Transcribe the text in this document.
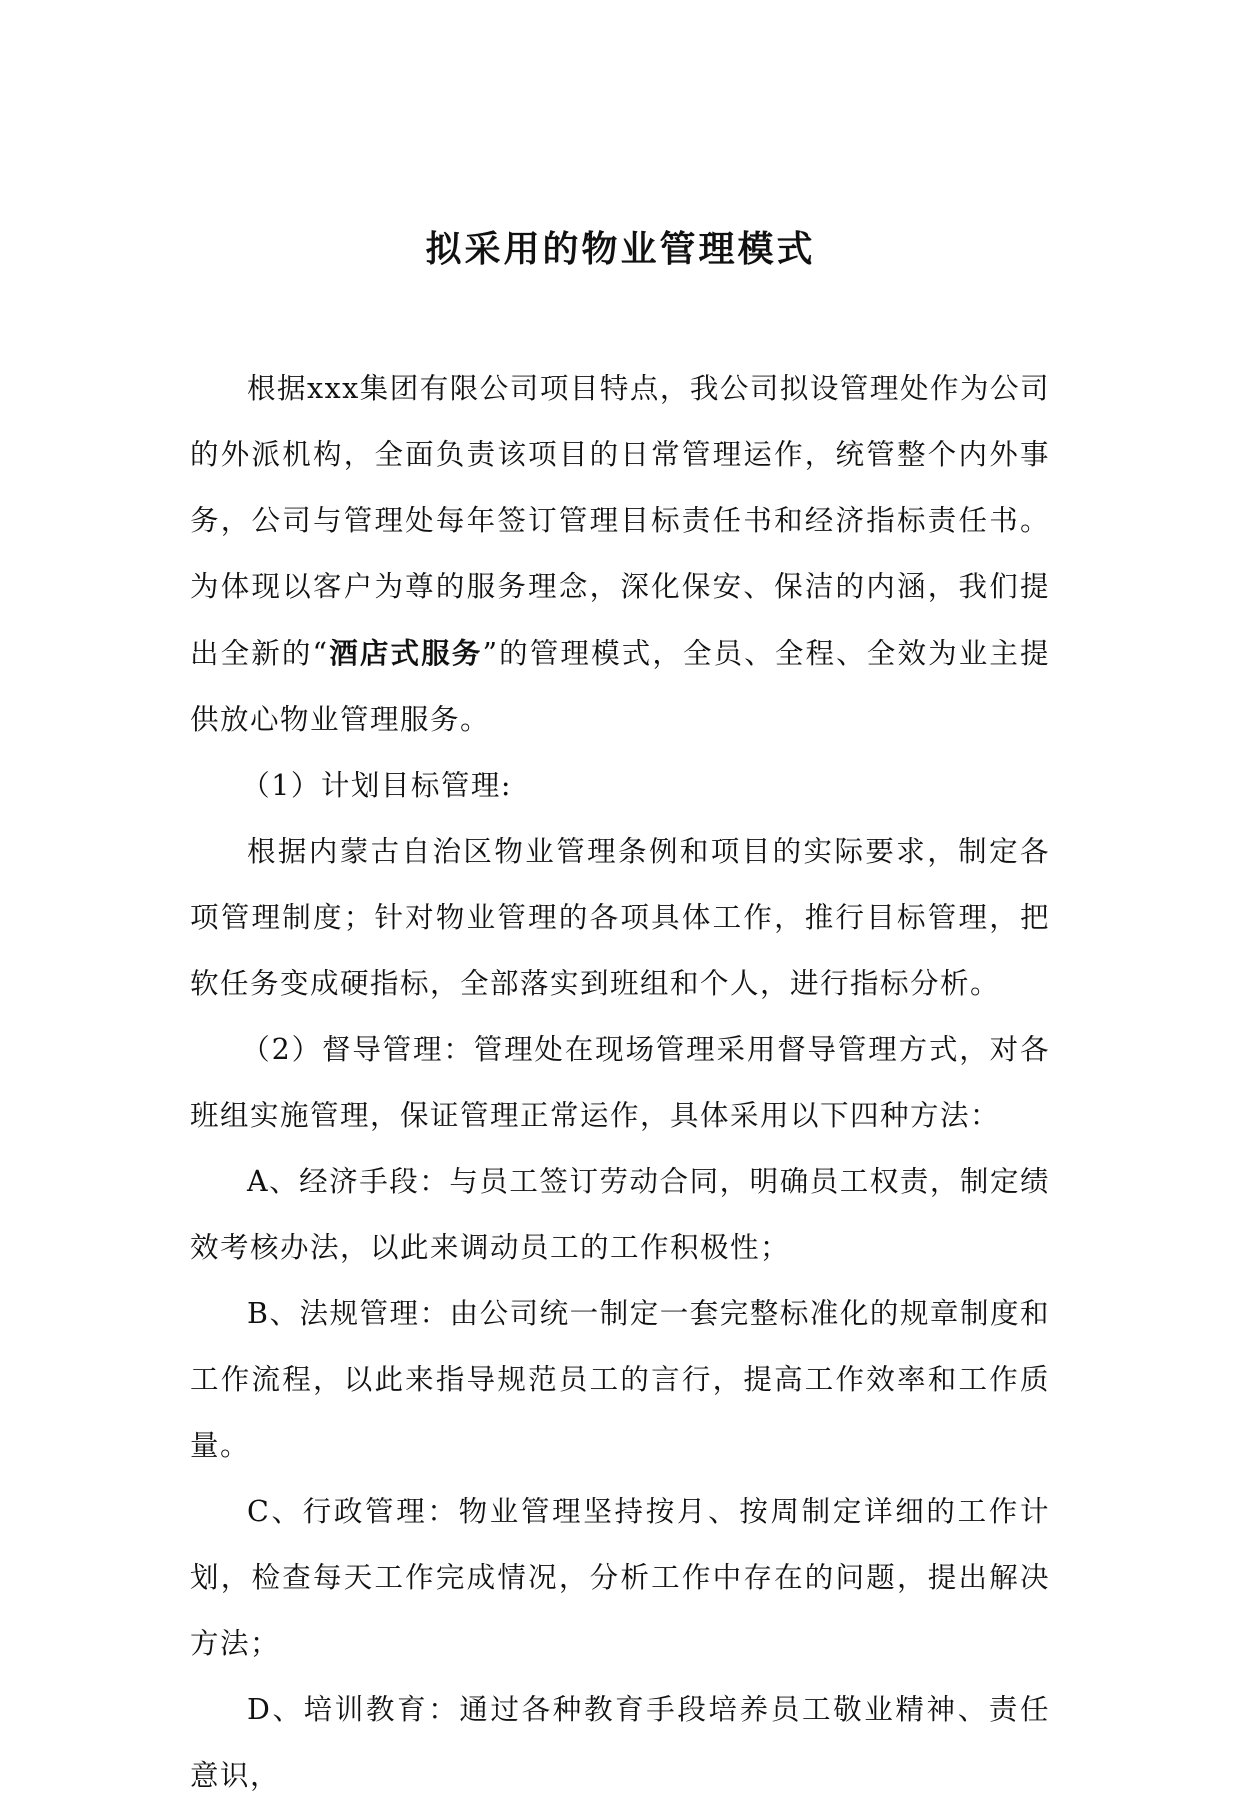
拟采用的物业管理模式

根据xxx集团有限公司项目特点，我公司拟设管理处作为公司的外派机构，全面负责该项目的日常管理运作，统管整个内外事务，公司与管理处每年签订管理目标责任书和经济指标责任书。为体现以客户为尊的服务理念，深化保安、保洁的内涵，我们提出全新的“酒店式服务”的管理模式，全员、全程、全效为业主提供放心物业管理服务。

（1）计划目标管理:

根据内蒙古自治区物业管理条例和项目的实际要求，制定各项管理制度；针对物业管理的各项具体工作，推行目标管理，把软任务变成硬指标，全部落实到班组和个人，进行指标分析。

（2）督导管理：管理处在现场管理采用督导管理方式，对各班组实施管理，保证管理正常运作，具体采用以下四种方法：

A、经济手段：与员工签订劳动合同，明确员工权责，制定绩效考核办法，以此来调动员工的工作积极性；

B、法规管理：由公司统一制定一套完整标准化的规章制度和工作流程，以此来指导规范员工的言行，提高工作效率和工作质量。

C、行政管理：物业管理坚持按月、按周制定详细的工作计划，检查每天工作完成情况，分析工作中存在的问题，提出解决方法；

D、培训教育：通过各种教育手段培养员工敬业精神、责任意识，
